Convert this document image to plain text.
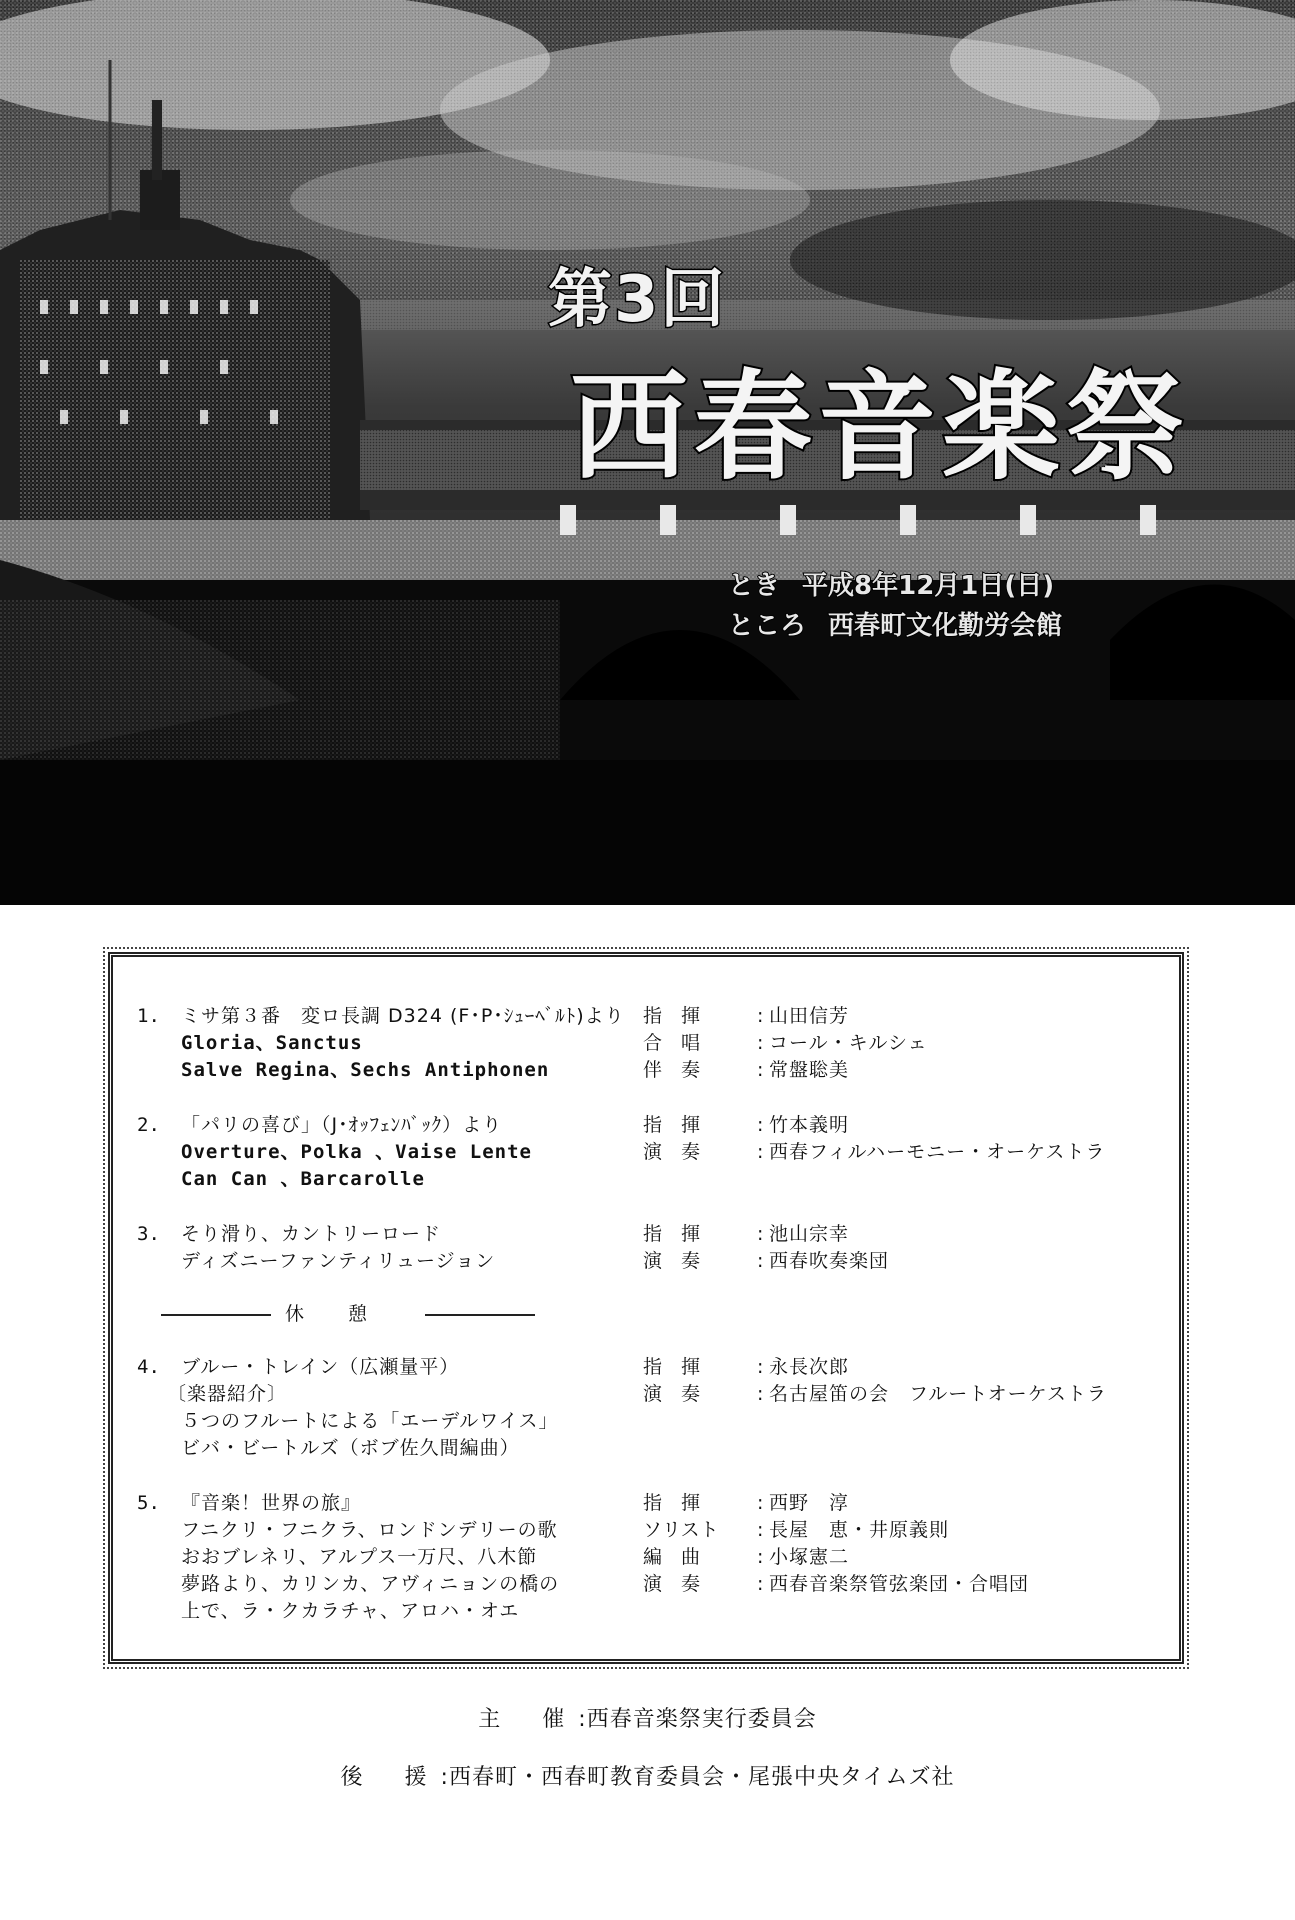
第3回
西春音楽祭
とき 平成8年12月1日(日)
ところ 西春町文化勤労会館
1.	ミサ第３番　変ロ長調 D324 (F･P･ｼｭｰﾍﾞﾙﾄ)より 指　揮	: 山田信芳
Gloria、Sanctus	合　唱	: コール・キルシェ
Salve Regina、Sechs Antiphonen	伴　奏	: 常盤聡美
2.	「パリの喜び」（J･ｵｯﾌｪﾝﾊﾞｯｸ）より	指　揮	: 竹本義明
Overture、Polka 、Vaise Lente	演　奏	: 西春フィルハーモニー・オーケストラ
Can Can 、Barcarolle
3.	そり滑り、カントリーロード	指　揮	: 池山宗幸
ディズニーファンティリュージョン	演　奏	: 西春吹奏楽団
休憩
4.	ブルー・トレイン（広瀬量平）	指　揮	: 永長次郎
〔楽器紹介〕	演　奏	: 名古屋笛の会　フルートオーケストラ
５つのフルートによる「エーデルワイス」
ビバ・ビートルズ（ボブ佐久間編曲）
5.	『音楽！世界の旅』	指　揮	: 西野　淳
フニクリ・フニクラ、ロンドンデリーの歌	ソリスト	: 長屋　恵・井原義則
おおブレネリ、アルプス一万尺、八木節	編　曲	: 小塚憲二
夢路より、カリンカ、アヴィニョンの橋の	演　奏	: 西春音楽祭管弦楽団・合唱団
上で、ラ・クカラチャ、アロハ・オエ
主　催 :西春音楽祭実行委員会
後　援 :西春町・西春町教育委員会・尾張中央タイムズ社
